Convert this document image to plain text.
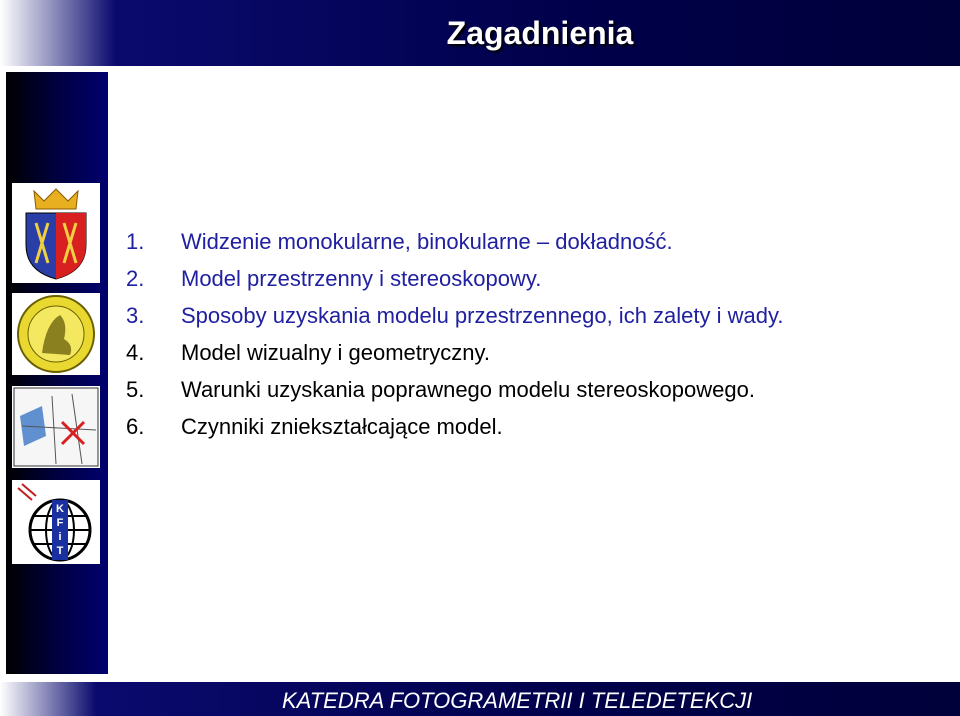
Zagadnienia
K
F
i
T
1.	Widzenie monokularne, binokularne – dokładność.
2.	Model przestrzenny i stereoskopowy.
3.	Sposoby uzyskania modelu przestrzennego, ich zalety i wady.
4.	Model wizualny i geometryczny.
5.	Warunki uzyskania poprawnego modelu stereoskopowego.
6.	Czynniki zniekształcające model.
KATEDRA FOTOGRAMETRII I TELEDETEKCJI
